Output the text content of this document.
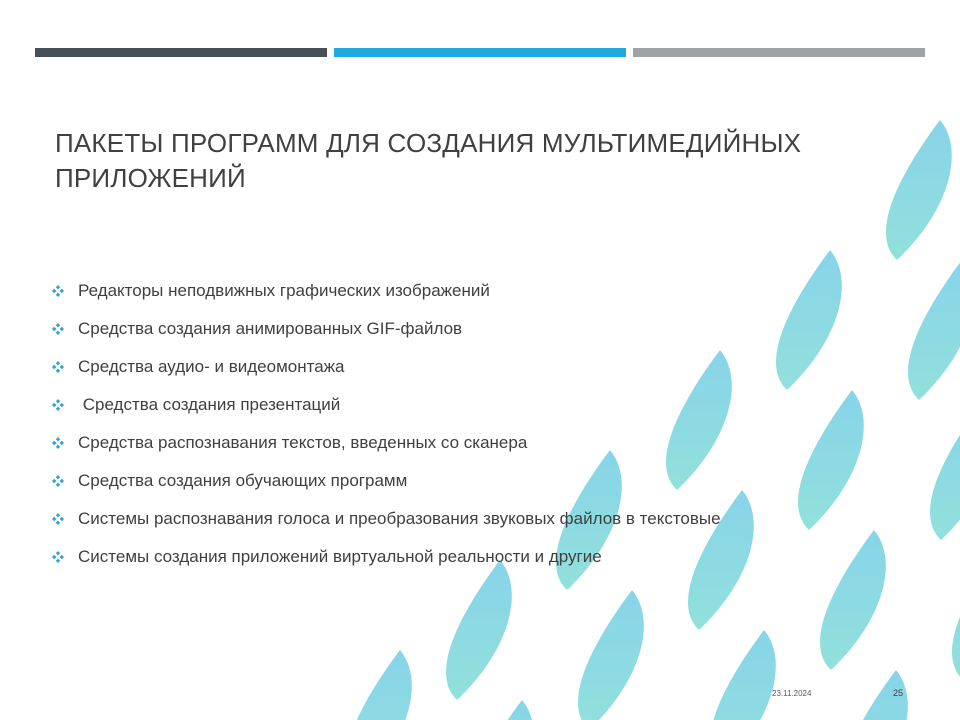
ПАКЕТЫ ПРОГРАММ ДЛЯ СОЗДАНИЯ МУЛЬТИМЕДИЙНЫХ ПРИЛОЖЕНИЙ
Редакторы неподвижных графических изображений
Средства создания анимированных GIF-файлов
Средства аудио- и видеомонтажа
Средства создания презентаций
Средства распознавания текстов, введенных со сканера
Средства создания обучающих программ
Системы распознавания голоса и преобразования звуковых файлов в текстовые
Системы создания приложений виртуальной реальности и другие
23.11.2024	25
